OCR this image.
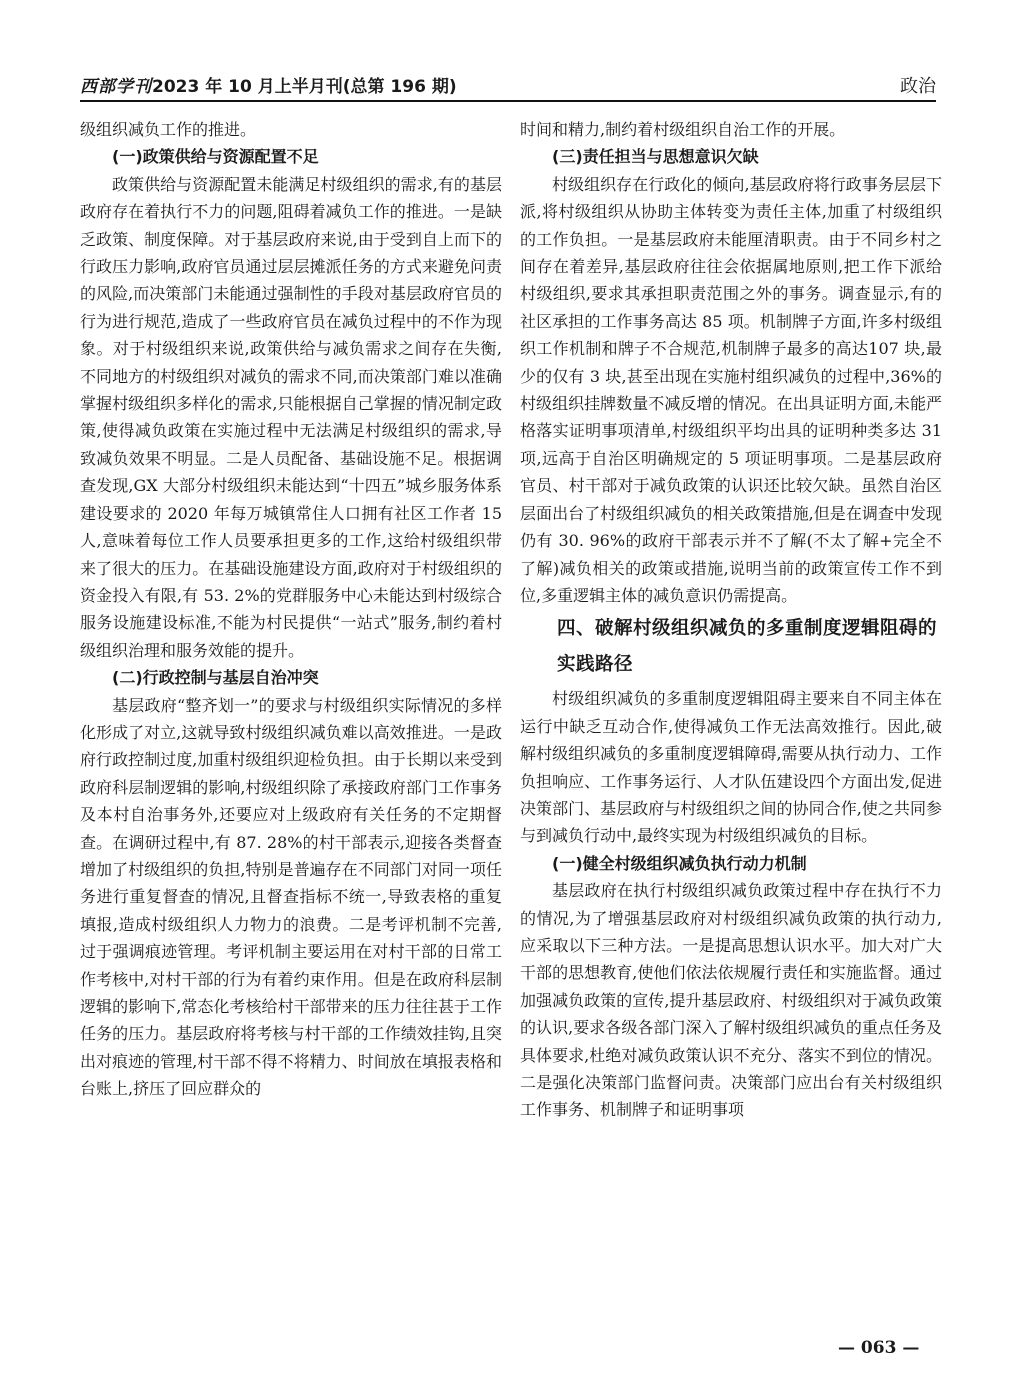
西部学刊2023 年 10 月上半月刊(总第 196 期)	政治
级组织减负工作的推进。
(一)政策供给与资源配置不足
政策供给与资源配置未能满足村级组织的需求,有的基层政府存在着执行不力的问题,阻碍着减负工作的推进。一是缺乏政策、制度保障。对于基层政府来说,由于受到自上而下的行政压力影响,政府官员通过层层摊派任务的方式来避免问责的风险,而决策部门未能通过强制性的手段对基层政府官员的行为进行规范,造成了一些政府官员在减负过程中的不作为现象。对于村级组织来说,政策供给与减负需求之间存在失衡,不同地方的村级组织对减负的需求不同,而决策部门难以准确掌握村级组织多样化的需求,只能根据自己掌握的情况制定政策,使得减负政策在实施过程中无法满足村级组织的需求,导致减负效果不明显。二是人员配备、基础设施不足。根据调查发现,GX 大部分村级组织未能达到“十四五”城乡服务体系建设要求的 2020 年每万城镇常住人口拥有社区工作者 15 人,意味着每位工作人员要承担更多的工作,这给村级组织带来了很大的压力。在基础设施建设方面,政府对于村级组织的资金投入有限,有 53. 2%的党群服务中心未能达到村级综合服务设施建设标准,不能为村民提供“一站式”服务,制约着村级组织治理和服务效能的提升。
(二)行政控制与基层自治冲突
基层政府“整齐划一”的要求与村级组织实际情况的多样化形成了对立,这就导致村级组织减负难以高效推进。一是政府行政控制过度,加重村级组织迎检负担。由于长期以来受到政府科层制逻辑的影响,村级组织除了承接政府部门工作事务及本村自治事务外,还要应对上级政府有关任务的不定期督查。在调研过程中,有 87. 28%的村干部表示,迎接各类督查增加了村级组织的负担,特别是普遍存在不同部门对同一项任务进行重复督查的情况,且督查指标不统一,导致表格的重复填报,造成村级组织人力物力的浪费。二是考评机制不完善,过于强调痕迹管理。考评机制主要运用在对村干部的日常工作考核中,对村干部的行为有着约束作用。但是在政府科层制逻辑的影响下,常态化考核给村干部带来的压力往往甚于工作任务的压力。基层政府将考核与村干部的工作绩效挂钩,且突出对痕迹的管理,村干部不得不将精力、时间放在填报表格和台账上,挤压了回应群众的
时间和精力,制约着村级组织自治工作的开展。
(三)责任担当与思想意识欠缺
村级组织存在行政化的倾向,基层政府将行政事务层层下派,将村级组织从协助主体转变为责任主体,加重了村级组织的工作负担。一是基层政府未能厘清职责。由于不同乡村之间存在着差异,基层政府往往会依据属地原则,把工作下派给村级组织,要求其承担职责范围之外的事务。调查显示,有的社区承担的工作事务高达 85 项。机制牌子方面,许多村级组织工作机制和牌子不合规范,机制牌子最多的高达107 块,最少的仅有 3 块,甚至出现在实施村组织减负的过程中,36%的村级组织挂牌数量不减反增的情况。在出具证明方面,未能严格落实证明事项清单,村级组织平均出具的证明种类多达 31 项,远高于自治区明确规定的 5 项证明事项。二是基层政府官员、村干部对于减负政策的认识还比较欠缺。虽然自治区层面出台了村级组织减负的相关政策措施,但是在调查中发现仍有 30. 96%的政府干部表示并不了解(不太了解+完全不了解)减负相关的政策或措施,说明当前的政策宣传工作不到位,多重逻辑主体的减负意识仍需提高。
四、破解村级组织减负的多重制度逻辑阻碍的实践路径
村级组织减负的多重制度逻辑阻碍主要来自不同主体在运行中缺乏互动合作,使得减负工作无法高效推行。因此,破解村级组织减负的多重制度逻辑障碍,需要从执行动力、工作负担响应、工作事务运行、人才队伍建设四个方面出发,促进决策部门、基层政府与村级组织之间的协同合作,使之共同参与到减负行动中,最终实现为村级组织减负的目标。
(一)健全村级组织减负执行动力机制
基层政府在执行村级组织减负政策过程中存在执行不力的情况,为了增强基层政府对村级组织减负政策的执行动力,应采取以下三种方法。一是提高思想认识水平。加大对广大干部的思想教育,使他们依法依规履行责任和实施监督。通过加强减负政策的宣传,提升基层政府、村级组织对于减负政策的认识,要求各级各部门深入了解村级组织减负的重点任务及具体要求,杜绝对减负政策认识不充分、落实不到位的情况。二是强化决策部门监督问责。决策部门应出台有关村级组织工作事务、机制牌子和证明事项
— 063 —
